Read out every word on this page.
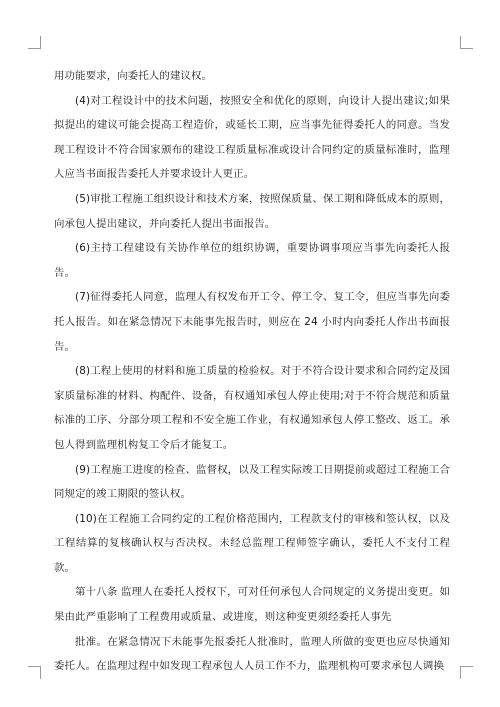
用功能要求，向委托人的建议权。

(4)对工程设计中的技术问题，按照安全和优化的原则，向设计人提出建议;如果拟提出的建议可能会提高工程造价，或延长工期，应当事先征得委托人的同意。当发现工程设计不符合国家颁布的建设工程质量标准或设计合同约定的质量标准时，监理人应当书面报告委托人并要求设计人更正。

(5)审批工程施工组织设计和技术方案，按照保质量、保工期和降低成本的原则，向承包人提出建议，并向委托人提出书面报告。

(6)主持工程建设有关协作单位的组织协调，重要协调事项应当事先向委托人报告。

(7)征得委托人同意，监理人有权发布开工令、停工令、复工令，但应当事先向委托人报告。如在紧急情况下未能事先报告时，则应在 24 小时内向委托人作出书面报告。

(8)工程上使用的材料和施工质量的检验权。对于不符合设计要求和合同约定及国家质量标准的材料、构配件、设备，有权通知承包人停止使用;对于不符合规范和质量标准的工序、分部分项工程和不安全施工作业，有权通知承包人停工整改、返工。承包人得到监理机构复工令后才能复工。

(9)工程施工进度的检查、监督权，以及工程实际竣工日期提前或超过工程施工合同规定的竣工期限的签认权。

(10)在工程施工合同约定的工程价格范围内，工程款支付的审核和签认权，以及工程结算的复核确认权与否决权。未经总监理工程师签字确认，委托人不支付工程款。

第十八条 监理人在委托人授权下，可对任何承包人合同规定的义务提出变更。如果由此严重影响了工程费用或质量、或进度，则这种变更须经委托人事先

批准。在紧急情况下未能事先报委托人批准时，监理人所做的变更也应尽快通知委托人。在监理过程中如发现工程承包人人员工作不力，监理机构可要求承包人调换
